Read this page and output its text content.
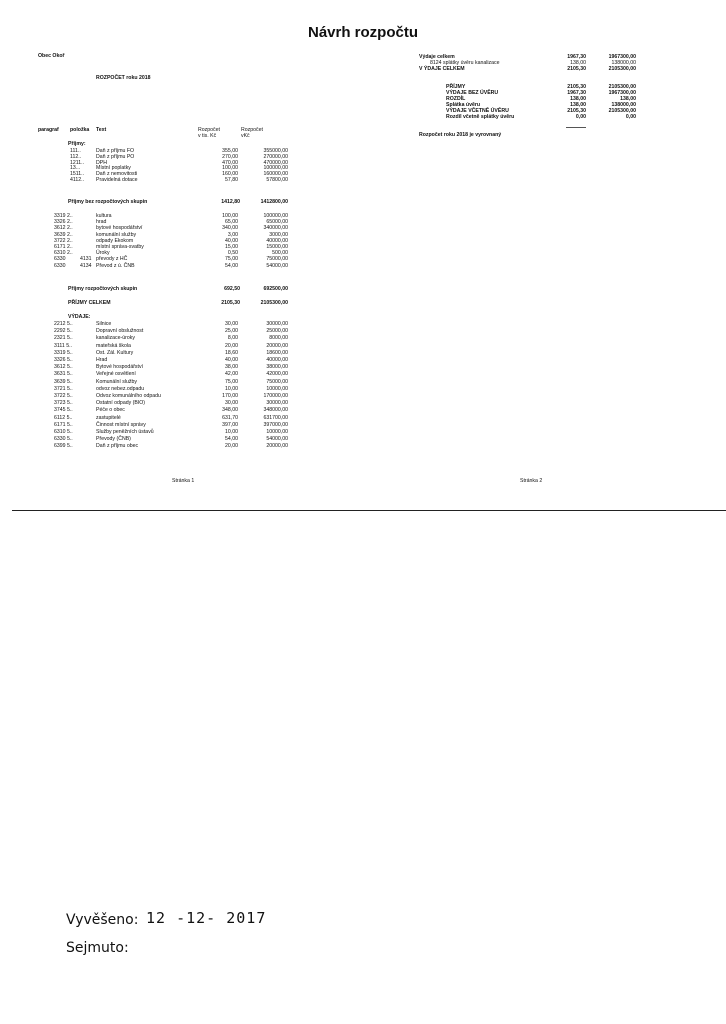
Návrh rozpočtu
Obec Okoř
ROZPOČET roku 2018
paragraf položka Text	Rozpočet
v tis. Kč
Rozpočet
vKč
Příjmy:
111..	Daň z příjmu FO	355,00	355000,00
112..	Daň z příjmu PO	270,00	270000,00
1211.. DPH	470,00	470000,00
13...	Místní poplatky	100,00	100000,00
1511.. Daň z nemovitosti	160,00	160000,00
4112.. Pravidelná dotace	57,80	57800,00
Příjmy bez rozpočtových skupin	1412,80	1412800,00
3319 2..	kultura	100,00	100000,00
3326 2..	hrad	65,00	65000,00
3612 2..	bytové hospodářství	340,00	340000,00
3639 2..	komunální služby	3,00	3000,00
3722 2..	odpady Ekokom	40,00	40000,00
6171 2..	místní správa-svatby	15,00	15000,00
6310 2..	Úroky	0,50	500,00
6330	4131 převody z HČ	75,00	75000,00
6330	4134 Převod z ú. ČNB	54,00	54000,00
Příjmy rozpočtových skupin	692,50	692500,00
PŘÍJMY CELKEM	2105,30	2105300,00
VÝDAJE:
2212 5..	Silnice	30,00	30000,00
2292 5..	Dopravní obslužnost	25,00	25000,00
2321 5..	kanalizace-úroky	8,00	8000,00
3111 5..	mateřská škola	20,00	20000,00
3319 5..	Ost. Zál. Kultury	18,60	18600,00
3326 5..	Hrad	40,00	40000,00
3612 5..	Bytové hospodářství	38,00	38000,00
3631 5..	Veřejné osvětlení	42,00	42000,00
3639 5..	Komunální služby	75,00	75000,00
3721 5..	odvoz nebez.odpadu	10,00	10000,00
3722 5..	Odvoz komunálního odpadu	170,00	170000,00
3723 5..	Ostatní odpady (BIO)	30,00	30000,00
3745 5..	Péče o obec	348,00	348000,00
6112 5..	zastupitelé	631,70	631700,00
6171 5..	Činnost místní správy	397,00	397000,00
6310 5..	Služby peněžních ústavů	10,00	10000,00
6330 5..	Převody (ČNB)	54,00	54000,00
6399 5..	Daň z příjmu obec	20,00	20000,00
Stránka 1
Výdaje celkem	1967,30	1967300,00
8124 splátky úvěru kanalizace	138,00	138000,00
V ÝDAJE CELKEM	2105,30	2105300,00
PŘÍJMY	2105,30	2105300,00
VÝDAJE BEZ ÚVĚRU	1967,30	1967300,00
ROZDÍL	138,00	138,00
Splátka úvěru	138,00	138000,00
VÝDAJE VČETNĚ ÚVĚRU	2105,30	2105300,00
Rozdíl včetně splátky úvěru	0,00	0,00
Rozpočet roku 2018 je vyrovnaný
Stránka 2
Vyvěšeno: 12 -12- 2017
Sejmuto:
